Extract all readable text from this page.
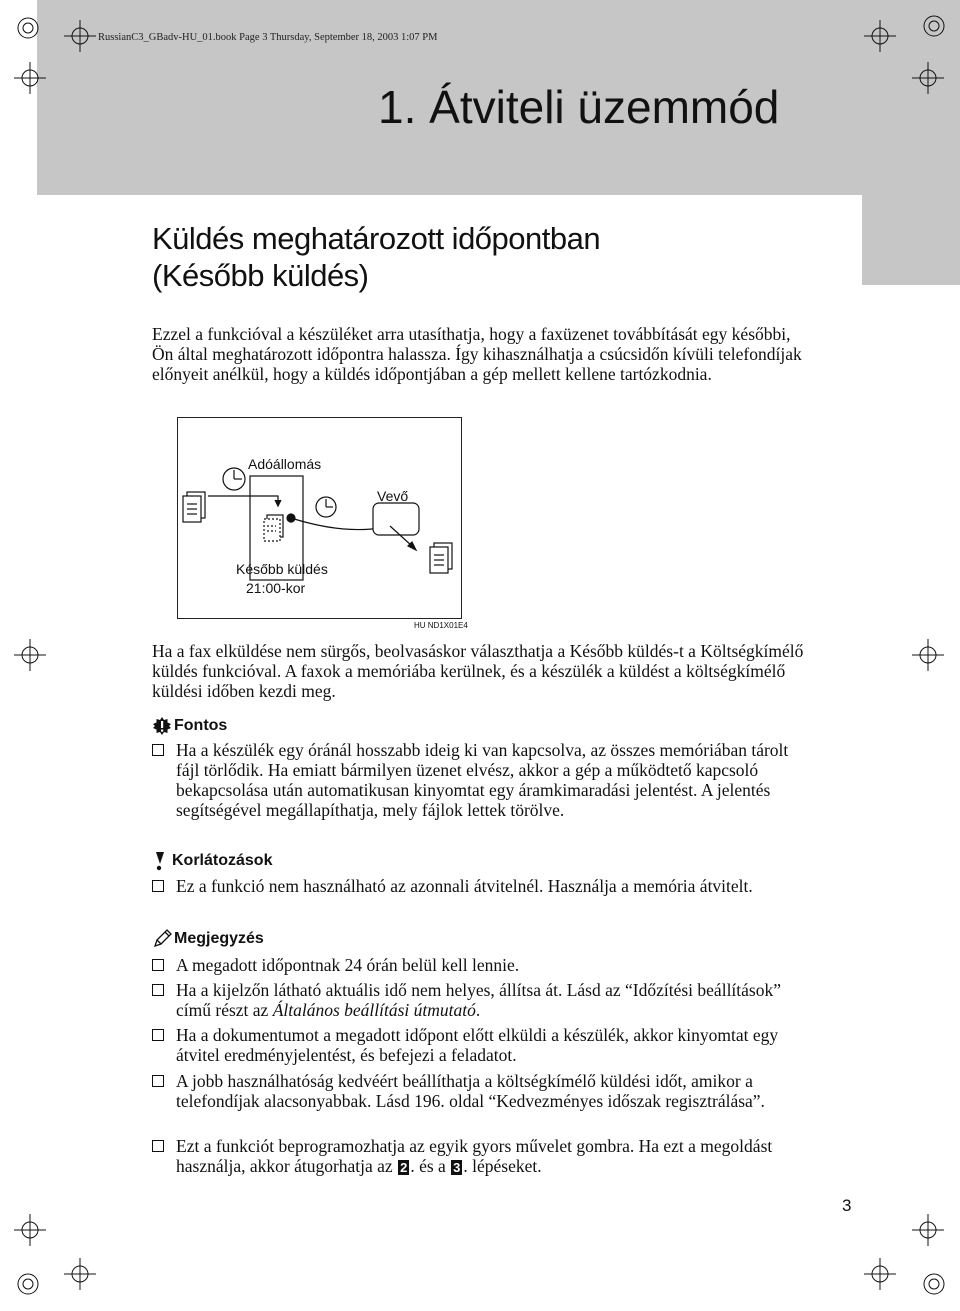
RussianC3_GBadv-HU_01.book Page 3 Thursday, September 18, 2003 1:07 PM
1. Átviteli üzemmód
Küldés meghatározott időpontban
(Később küldés)

Ezzel a funkcióval a készüléket arra utasíthatja, hogy a faxüzenet továbbítását egy későbbi, Ön által meghatározott időpontra halassza. Így kihasználhatja a csúcsidőn kívüli telefondíjak előnyeit anélkül, hogy a küldés időpontjában a gép mellett kellene tartózkodnia.

Adóállomás
Vevő
Később küldés
21:00-kor
HU ND1X01E4

Ha a fax elküldése nem sürgős, beolvasáskor választhatja a Később küldés-t a Költségkímélő küldés funkcióval. A faxok a memóriába kerülnek, és a készülék a küldést a költségkímélő küldési időben kezdi meg.

Fontos
Ha a készülék egy óránál hosszabb ideig ki van kapcsolva, az összes memóriában tárolt fájl törlődik. Ha emiatt bármilyen üzenet elvész, akkor a gép a működtető kapcsoló bekapcsolása után automatikusan kinyomtat egy áramkimaradási jelentést. A jelentés segítségével megállapíthatja, mely fájlok lettek törölve.
Korlátozások
Ez a funkció nem használható az azonnali átvitelnél. Használja a memória átvitelt.
Megjegyzés
A megadott időpontnak 24 órán belül kell lennie.
Ha a kijelzőn látható aktuális idő nem helyes, állítsa át. Lásd az “Időzítési beállítások” című részt az Általános beállítási útmutató.
Ha a dokumentumot a megadott időpont előtt elküldi a készülék, akkor kinyomtat egy átvitel eredményjelentést, és befejezi a feladatot.
A jobb használhatóság kedvéért beállíthatja a költségkímélő küldési időt, amikor a telefondíjak alacsonyabbak. Lásd 196. oldal “Kedvezményes időszak regisztrálása”.
Ezt a funkciót beprogramozhatja az egyik gyors művelet gombra. Ha ezt a megoldást használja, akkor átugorhatja az 2 . és a 3 . lépéseket.
3
